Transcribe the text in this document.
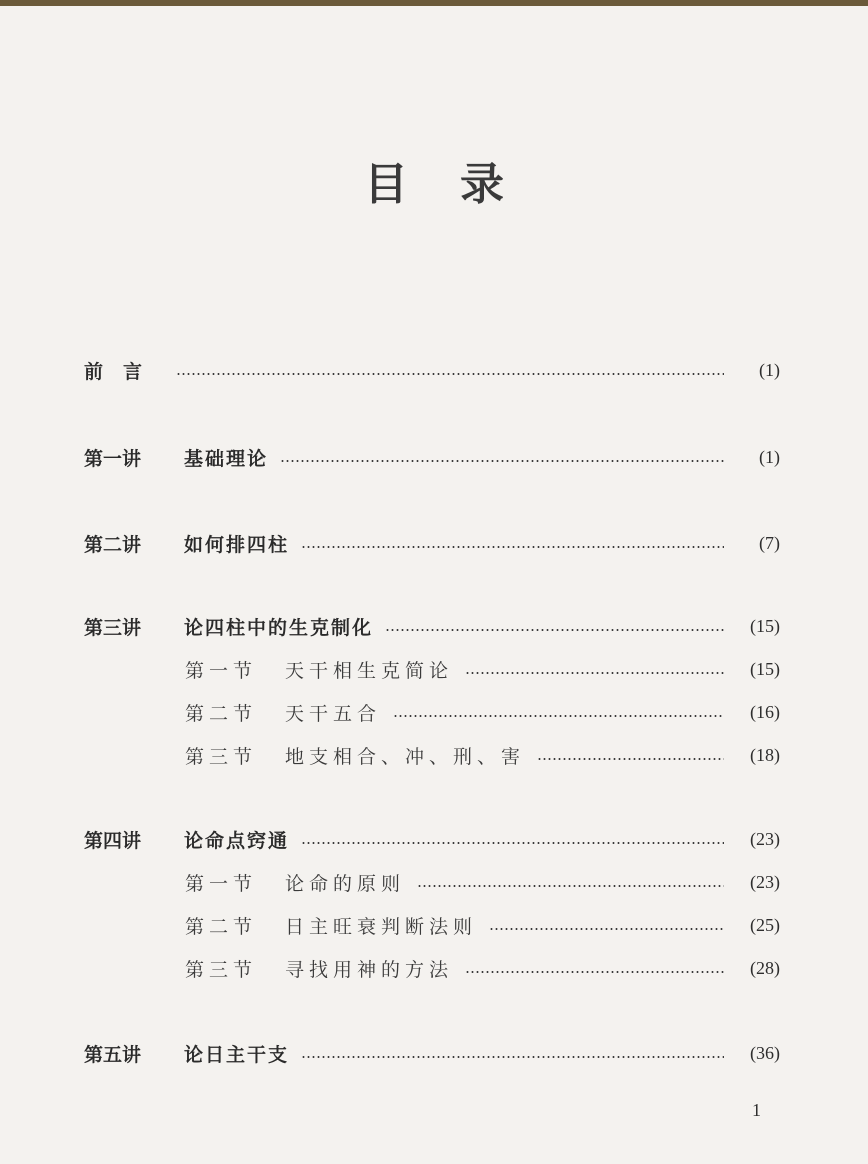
目录
前言	(1)
第一讲	基础理论	(1)
第二讲	如何排四柱	(7)
第三讲	论四柱中的生克制化	(15)
第一节	天干相生克简论	(15)
第二节	天干五合	(16)
第三节	地支相合、冲、刑、害	(18)
第四讲	论命点窍通	(23)
第一节	论命的原则	(23)
第二节	日主旺衰判断法则	(25)
第三节	寻找用神的方法	(28)
第五讲	论日主干支	(36)
1
